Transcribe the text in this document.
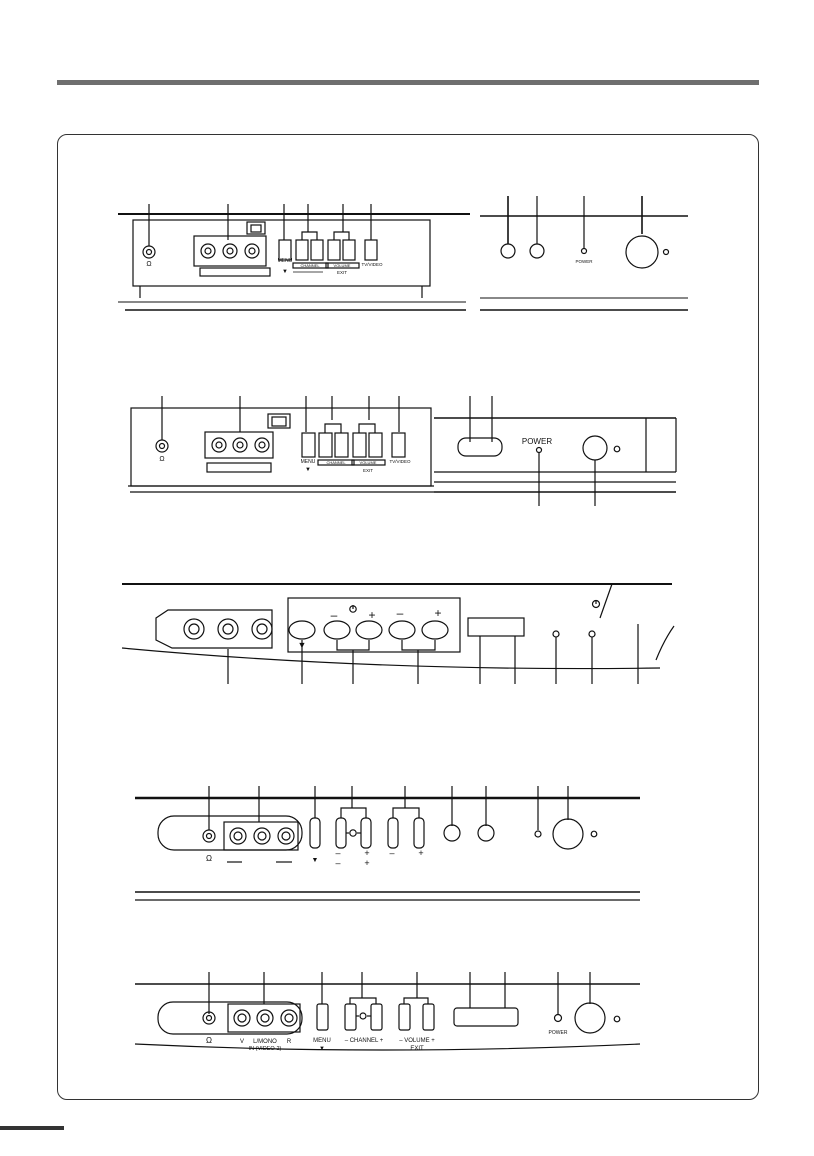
MENU
▼
CHANNEL	VOLUME
EXIT
TV/VIDEO
Ω	POWER
Ω	MENU
▼
CHANNEL	VOLUME
EXIT
TV/VIDEO
POWER
▼
–	+ –	+
Ω	▼
–	+
–	+
–	+
Ω	V L/MONO
IN (VIDEO-2)
R	MENU
▼
– CHANNEL +	– VOLUME +
EXIT
POWER
